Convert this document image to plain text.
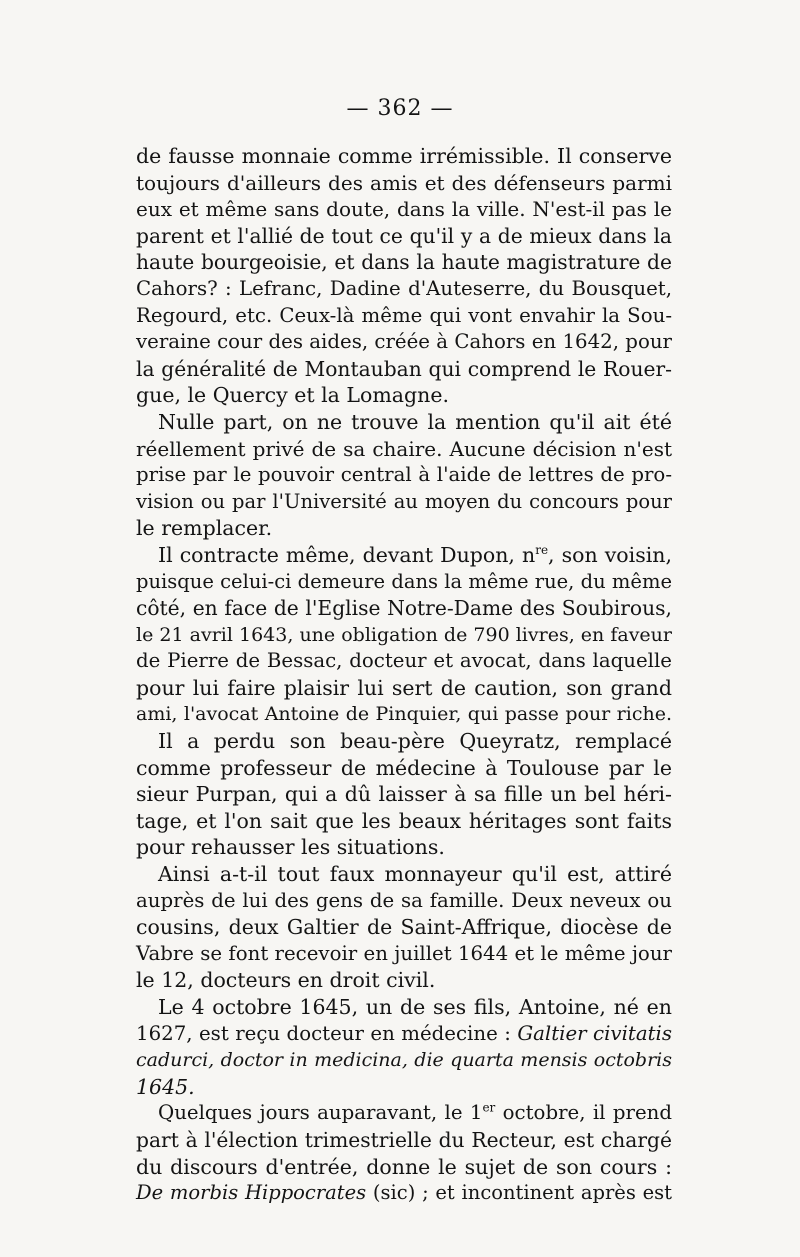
— 362 —
de fausse monnaie comme irrémissible. Il conserve
toujours d'ailleurs des amis et des défenseurs parmi
eux et même sans doute, dans la ville. N'est-il pas le
parent et l'allié de tout ce qu'il y a de mieux dans la
haute bourgeoisie, et dans la haute magistrature de
Cahors? : Lefranc, Dadine d'Auteserre, du Bousquet,
Regourd, etc. Ceux-là même qui vont envahir la Sou-
veraine cour des aides, créée à Cahors en 1642, pour
la généralité de Montauban qui comprend le Rouer-
gue, le Quercy et la Lomagne.
Nulle part, on ne trouve la mention qu'il ait été
réellement privé de sa chaire. Aucune décision n'est
prise par le pouvoir central à l'aide de lettres de pro-
vision ou par l'Université au moyen du concours pour
le remplacer.
Il contracte même, devant Dupon, $n^{re}$, son voisin,
puisque celui-ci demeure dans la même rue, du même
côté, en face de l'Eglise Notre-Dame des Soubirous,
le 21 avril 1643, une obligation de 790 livres, en faveur
de Pierre de Bessac, docteur et avocat, dans laquelle
pour lui faire plaisir lui sert de caution, son grand
ami, l'avocat Antoine de Pinquier, qui passe pour riche.
Il a perdu son beau-père Queyratz, remplacé
comme professeur de médecine à Toulouse par le
sieur Purpan, qui a dû laisser à sa fille un bel héri-
tage, et l'on sait que les beaux héritages sont faits
pour rehausser les situations.
Ainsi a-t-il tout faux monnayeur qu'il est, attiré
auprès de lui des gens de sa famille. Deux neveux ou
cousins, deux Galtier de Saint-Affrique, diocèse de
Vabre se font recevoir en juillet 1644 et le même jour
le 12, docteurs en droit civil.
Le 4 octobre 1645, un de ses fils, Antoine, né en
1627, est reçu docteur en médecine : Galtier civitatis
cadurci, doctor in medicina, die quarta mensis octobris
1645.
Quelques jours auparavant, le 1er octobre, il prend
part à l'élection trimestrielle du Recteur, est chargé
du discours d'entrée, donne le sujet de son cours :
De morbis Hippocrates (sic) ; et incontinent après est
